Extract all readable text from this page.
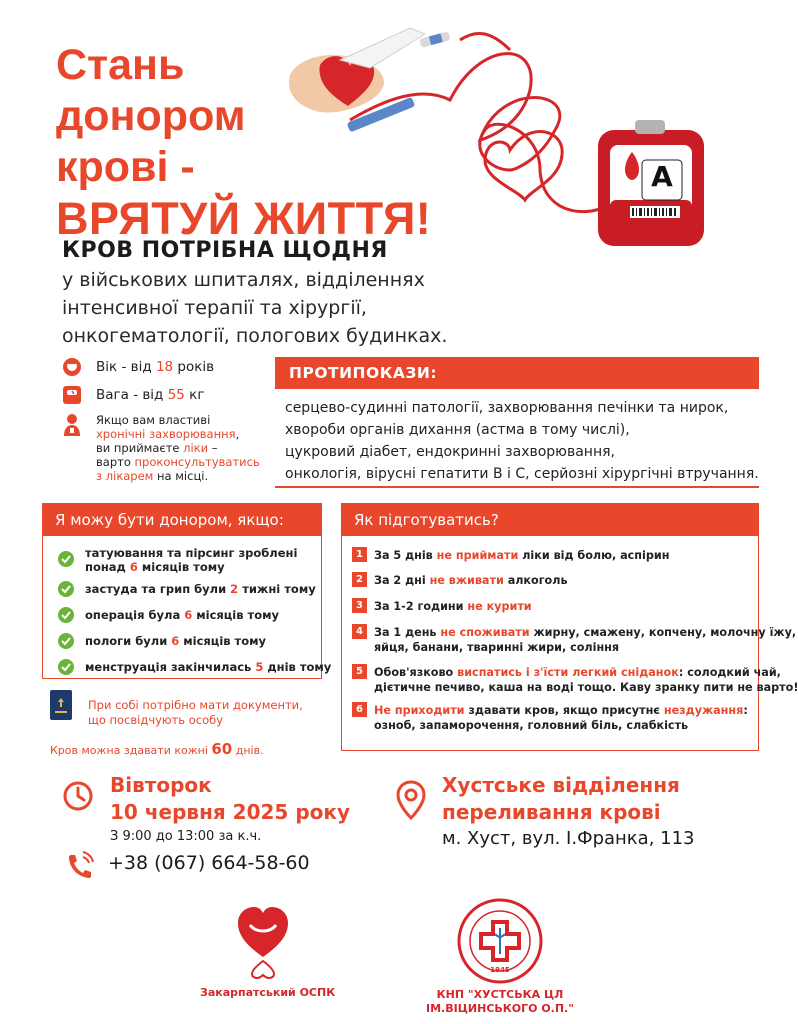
A
Стань
донором
крові -
ВРЯТУЙ ЖИТТЯ!
КРОВ ПОТРІБНА ЩОДНЯ
у військових шпиталях, відділеннях
інтенсивної терапії та хірургії,
онкогематології, пологових будинках.
Вік - від 18 років
Вага - від 55 кг
Якщо вам властиві
хронічні захворювання,
ви приймаєте ліки –
варто проконсультуватись
з лікарем на місці.
ПРОТИПОКАЗИ:
серцево-судинні патології, захворювання печінки та нирок,
хвороби органів дихання (астма в тому числі),
цукровий діабет, ендокринні захворювання,
онкологія, вірусні гепатити В і С, серйозні хірургічні втручання.
Я можу бути донором, якщо:
татуювання та пірсинг зроблені
понад 6 місяців тому
застуда та грип були 2 тижні тому
операція була 6 місяців тому
пологи були 6 місяців тому
менструація закінчилась 5 днів тому
При собі потрібно мати документи,
що посвідчують особу
Кров можна здавати кожні 60 днів.
Як підготуватись?
1 За 5 днів не приймати ліки від болю, аспірин
2 За 2 дні не вживати алкоголь
3 За 1-2 години не курити
4 За 1 день не споживати жирну, смажену, копчену, молочну їжу,
яйця, банани, тваринні жири, соління
5 Обов'язково виспатись і з'їсти легкий сніданок: солодкий чай,
дієтичне печиво, каша на воді тощо. Каву зранку пити не варто!
6 Не приходити здавати кров, якщо присутнє нездужання:
озноб, запаморочення, головний біль, слабкість
Вівторок
10 червня 2025 року
З 9:00 до 13:00 за к.ч.
+38 (067) 664-58-60
Хустське відділення
переливання крові
м. Хуст, вул. І.Франка, 113
Закарпатський ОСПК
1945
КНП "ХУСТСЬКА ЦЛ
ІМ.ВІЦИНСЬКОГО О.П."
